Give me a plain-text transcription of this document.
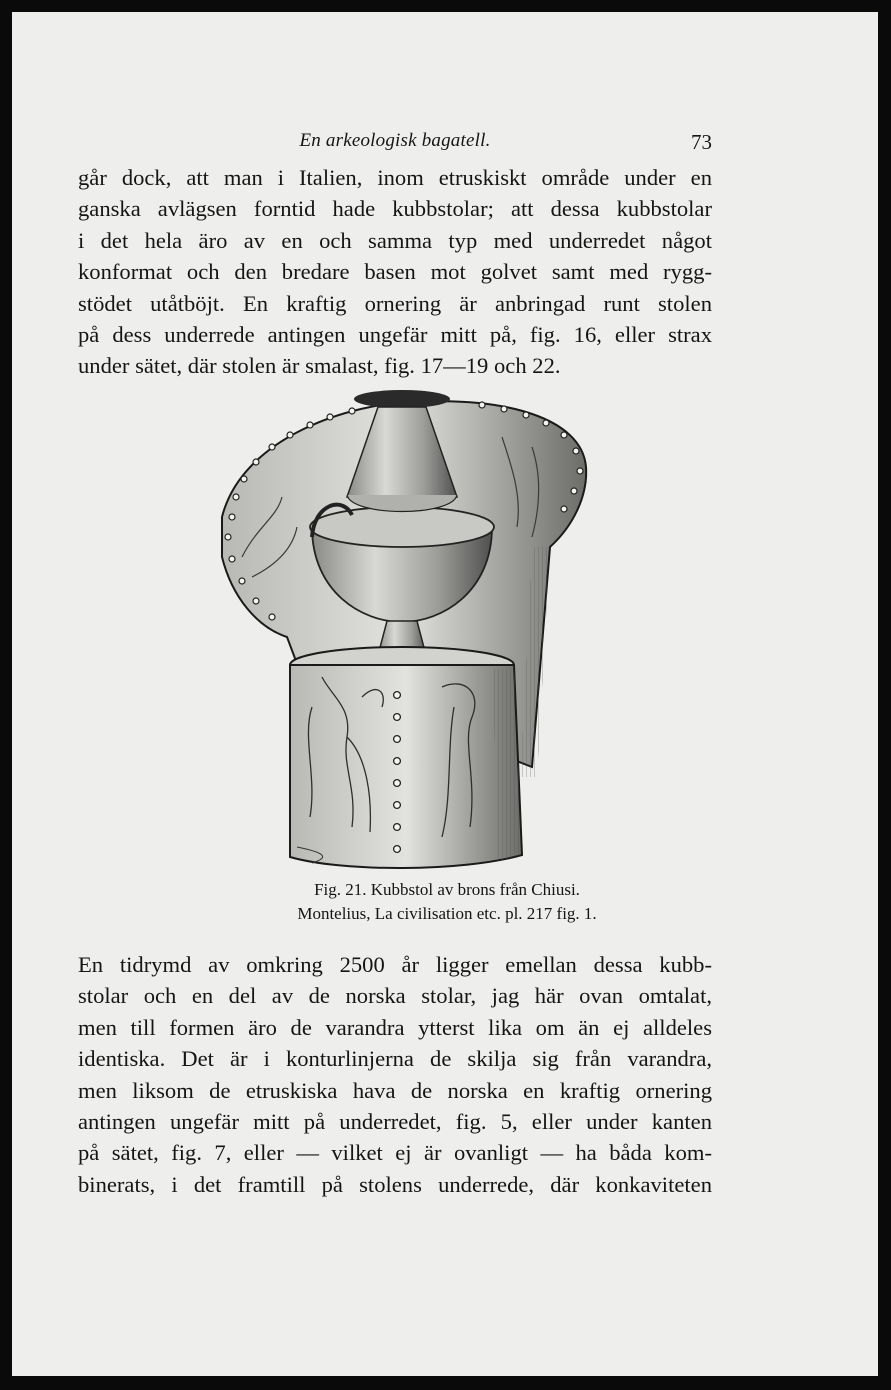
En arkeologisk bagatell.	73
går dock, att man i Italien, inom etruskiskt område under en
ganska avlägsen forntid hade kubbstolar; att dessa kubbstolar
i det hela äro av en och samma typ med underredet något
konformat och den bredare basen mot golvet samt med rygg-
stödet utåtböjt. En kraftig ornering är anbringad runt stolen
på dess underrede antingen ungefär mitt på, fig. 16, eller strax
under sätet, där stolen är smalast, fig. 17—19 och 22.
Fig. 21. Kubbstol av brons från Chiusi.
Montelius, La civilisation etc. pl. 217 fig. 1.
En tidrymd av omkring 2500 år ligger emellan dessa kubb-
stolar och en del av de norska stolar, jag här ovan omtalat,
men till formen äro de varandra ytterst lika om än ej alldeles
identiska. Det är i konturlinjerna de skilja sig från varandra,
men liksom de etruskiska hava de norska en kraftig ornering
antingen ungefär mitt på underredet, fig. 5, eller under kanten
på sätet, fig. 7, eller — vilket ej är ovanligt — ha båda kom-
binerats, i det framtill på stolens underrede, där konkaviteten
